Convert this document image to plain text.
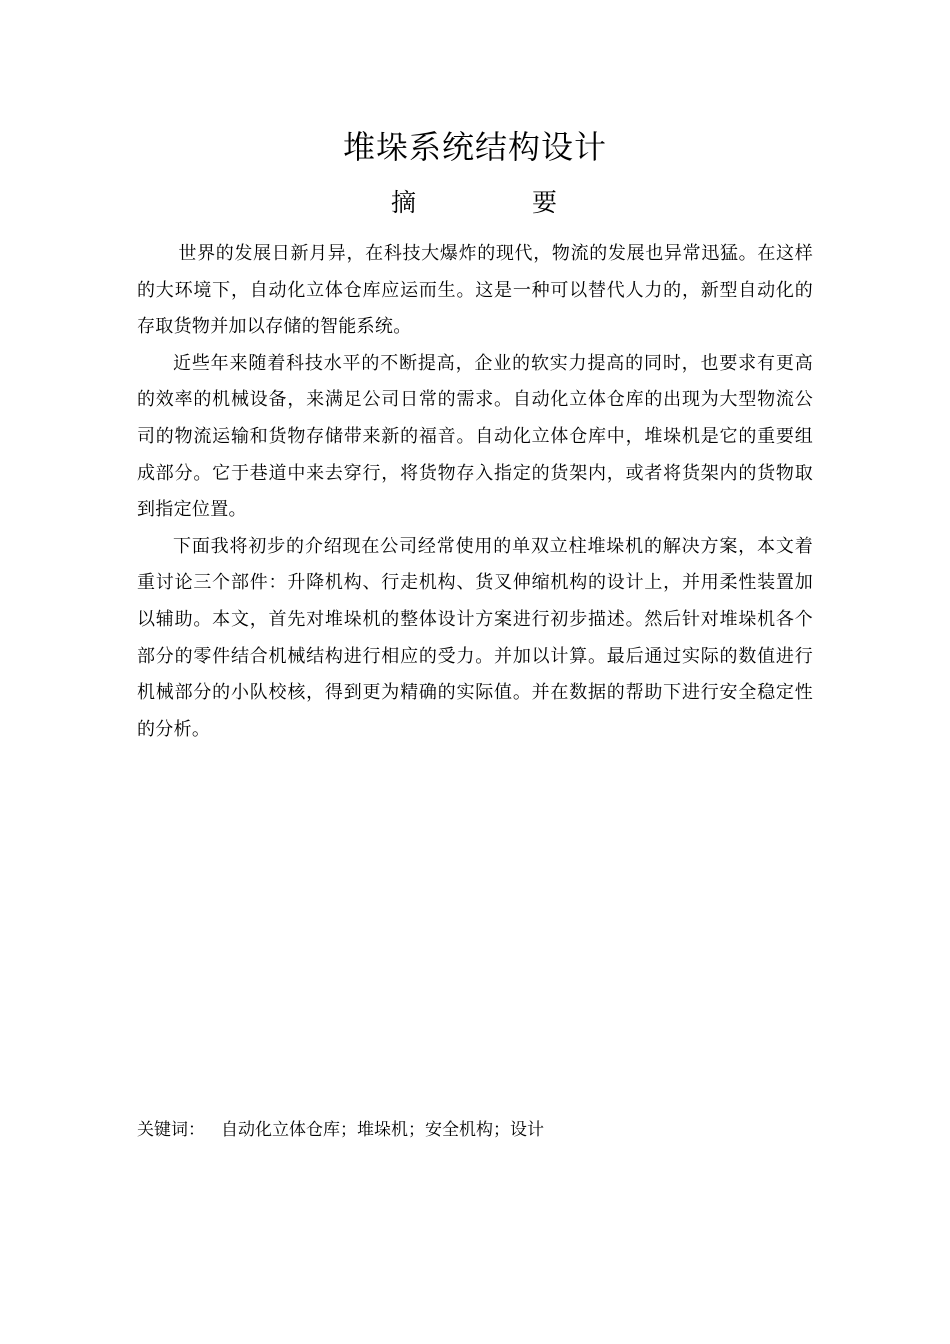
堆垛系统结构设计
摘	要

世界的发展日新月异，在科技大爆炸的现代，物流的发展也异常迅猛。在这样的大环境下，自动化立体仓库应运而生。这是一种可以替代人力的，新型自动化的存取货物并加以存储的智能系统。

近些年来随着科技水平的不断提高，企业的软实力提高的同时，也要求有更高的效率的机械设备，来满足公司日常的需求。自动化立体仓库的出现为大型物流公司的物流运输和货物存储带来新的福音。自动化立体仓库中，堆垛机是它的重要组成部分。它于巷道中来去穿行，将货物存入指定的货架内，或者将货架内的货物取到指定位置。

下面我将初步的介绍现在公司经常使用的单双立柱堆垛机的解决方案，本文着重讨论三个部件：升降机构、行走机构、货叉伸缩机构的设计上，并用柔性装置加以辅助。本文，首先对堆垛机的整体设计方案进行初步描述。然后针对堆垛机各个部分的零件结合机械结构进行相应的受力。并加以计算。最后通过实际的数值进行机械部分的小队校核，得到更为精确的实际值。并在数据的帮助下进行安全稳定性的分析。

关键词： 自动化立体仓库；堆垛机；安全机构；设计
